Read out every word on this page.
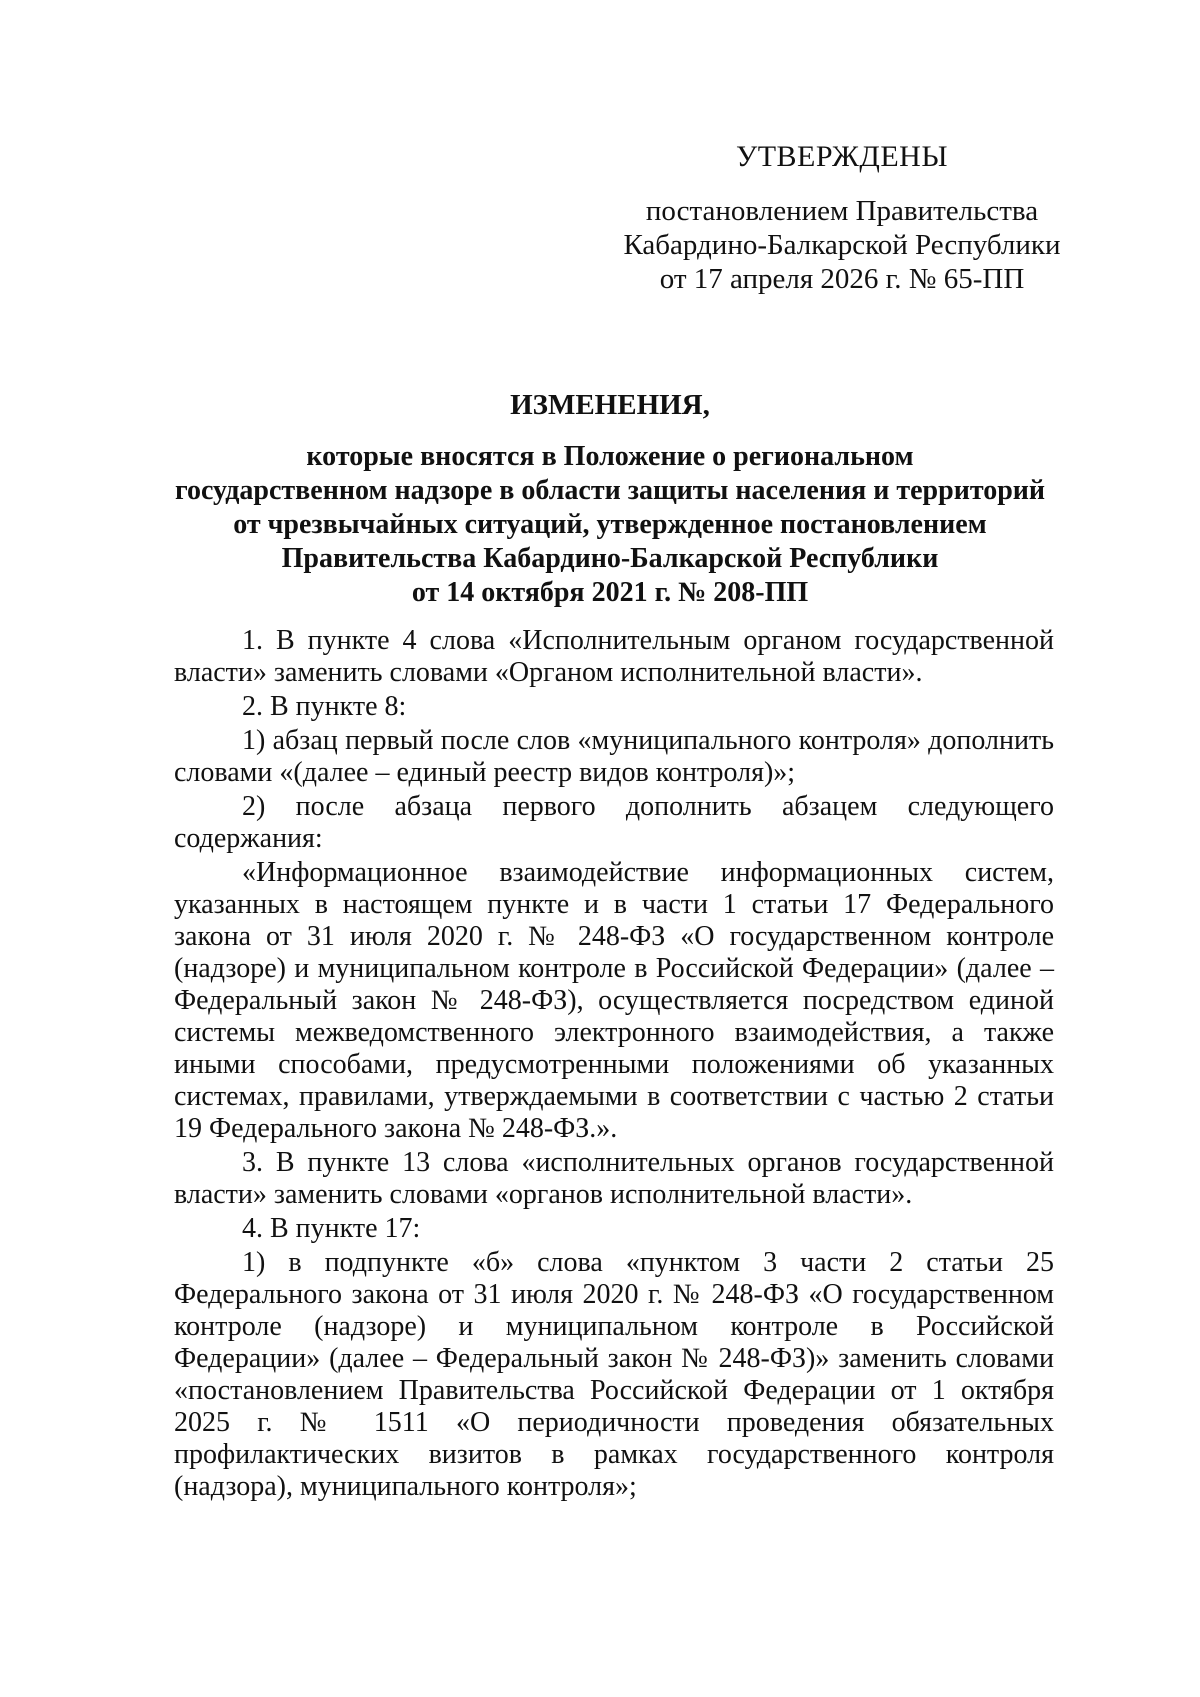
УТВЕРЖДЕНЫ
постановлением Правительства
Кабардино-Балкарской Республики
от 17 апреля 2026 г. № 65-ПП
ИЗМЕНЕНИЯ,
которые вносятся в Положение о региональном
государственном надзоре в области защиты населения и территорий
от чрезвычайных ситуаций, утвержденное постановлением
Правительства Кабардино-Балкарской Республики
от 14 октября 2021 г. № 208-ПП

1. В пункте 4 слова «Исполнительным органом государственной власти» заменить словами «Органом исполнительной власти».

2. В пункте 8:

1) абзац первый после слов «муниципального контроля» дополнить словами «(далее – единый реестр видов контроля)»;

2) после абзаца первого дополнить абзацем следующего содержания:

«Информационное взаимодействие информационных систем, указанных в настоящем пункте и в части 1 статьи 17 Федерального закона от 31 июля 2020 г. № 248-ФЗ «О государственном контроле (надзоре) и муниципальном контроле в Российской Федерации» (далее – Федеральный закон № 248-ФЗ), осуществляется посредством единой системы межведомственного электронного взаимодействия, а также иными способами, предусмотренными положениями об указанных системах, правилами, утверждаемыми в соответствии с частью 2 статьи 19 Федерального закона № 248-ФЗ.».

3. В пункте 13 слова «исполнительных органов государственной власти» заменить словами «органов исполнительной власти».

4. В пункте 17:

1) в подпункте «б» слова «пунктом 3 части 2 статьи 25 Федерального закона от 31 июля 2020 г. № 248-ФЗ «О государственном контроле (надзоре) и муниципальном контроле в Российской Федерации» (далее – Федеральный закон № 248-ФЗ)» заменить словами «постановлением Правительства Российской Федерации от 1 октября 2025 г. № 1511 «О периодичности проведения обязательных профилактических визитов в рамках государственного контроля (надзора), муниципального контроля»;
